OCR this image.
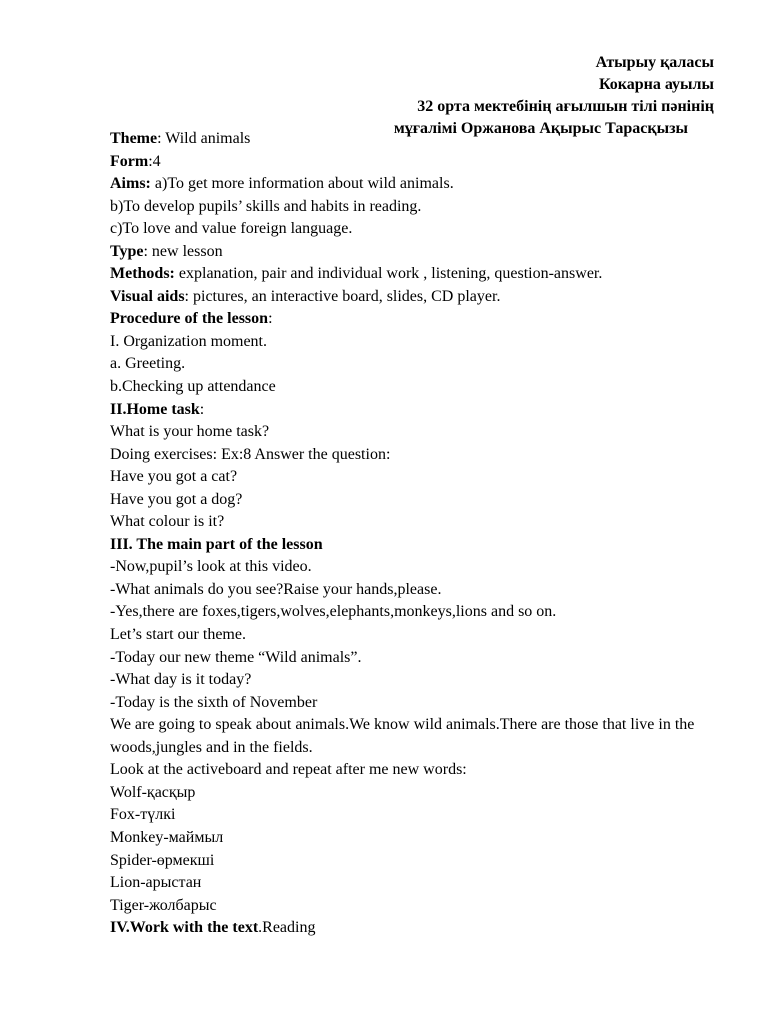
Атырыу қаласы
Кокарна ауылы
32 орта мектебінің ағылшын тілі пәнінің
мұғалімі Оржанова Ақырыс Тарасқызы
Theme: Wild animals
Form:4
Aims: a)To get more information about wild animals.
b)To develop pupils’ skills and habits in reading.
c)To love and value foreign language.
Type: new lesson
Methods: explanation, pair and individual work , listening, question-answer.
Visual aids: pictures, an interactive board, slides, CD player.
Procedure of the lesson:
I. Organization moment.
a. Greeting.
b.Checking up attendance
II.Home task:
What is your home task?
Doing exercises: Ex:8 Answer the question:
Have you got a cat?
Have you got a dog?
What colour is it?
III. The main part of the lesson
-Now,pupil’s look at this video.
-What animals do you see?Raise your hands,please.
-Yes,there are foxes,tigers,wolves,elephants,monkeys,lions and so on.
Let’s start our theme.
-Today our new theme “Wild animals”.
-What day is it today?
-Today is the sixth of November
We are going to speak about animals.We know wild animals.There are those that live in the woods,jungles and in the fields.
Look at the activeboard and repeat after me new words:
Wolf-қасқыр
Fox-түлкі
Monkey-маймыл
Spider-өрмекші
Lion-арыстан
Tiger-жолбарыс
IV.Work with the text.Reading
